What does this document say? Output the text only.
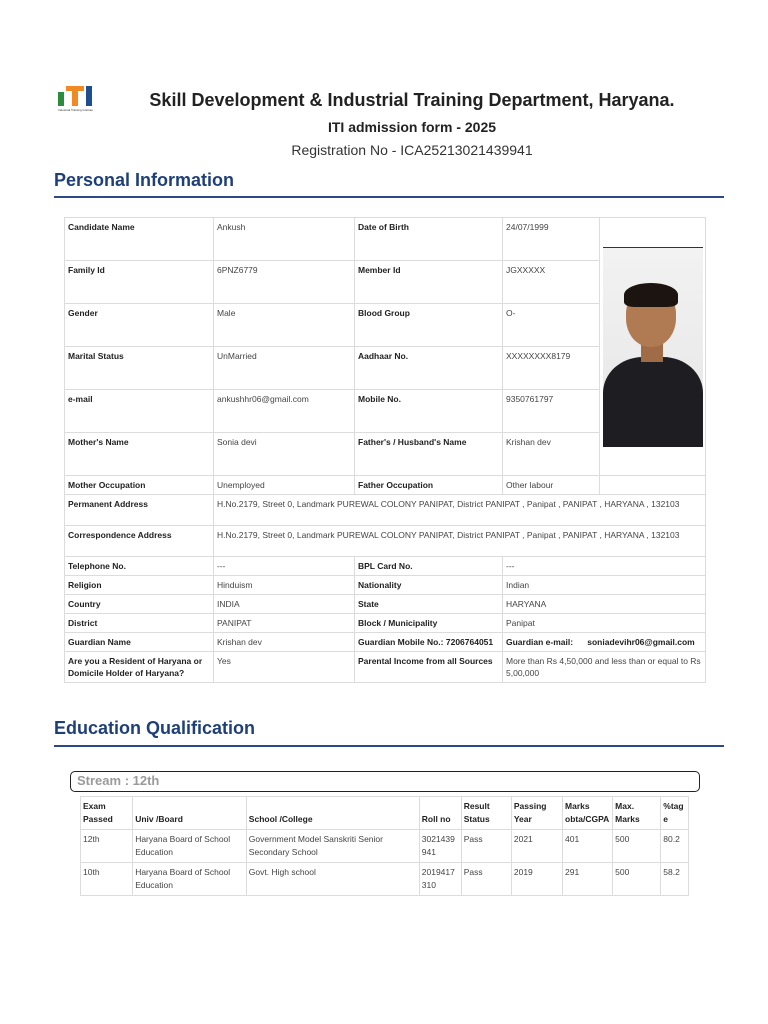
Industrial Training Institute	Skill Development & Industrial Training Department, Haryana.
ITI admission form - 2025
Registration No - ICA25213021439941
Personal Information
Candidate Name	Ankush	Date of Birth	24/07/1999	

Family Id	6PNZ6779	Member Id	JGXXXXX	
Gender	Male	Blood Group	O-	
Marital Status	UnMarried	Aadhaar No.	XXXXXXXX8179	
e-mail	ankushhr06@gmail.com	Mobile No.	9350761797	
Mother's Name	Sonia devi	Father's / Husband's Name	Krishan dev	
Mother Occupation	Unemployed	Father Occupation	Other labour	
Permanent Address	H.No.2179, Street 0, Landmark PUREWAL COLONY PANIPAT, District PANIPAT , Panipat , PANIPAT , HARYANA , 132103			
Correspondence Address	H.No.2179, Street 0, Landmark PUREWAL COLONY PANIPAT, District PANIPAT , Panipat , PANIPAT , HARYANA , 132103			
Telephone No.	---	BPL Card No.	---	
Religion	Hinduism	Nationality	Indian	
Country	INDIA	State	HARYANA	
District	PANIPAT	Block / Municipality	Panipat	
Guardian Name	Krishan dev	Guardian Mobile No.: 7206764051	Guardian e-mail: soniadevihr06@gmail.com	
Are you a Resident of Haryana or Domicile Holder of Haryana?	Yes	Parental Income from all Sources	More than Rs 4,50,000 and less than or equal to Rs 5,00,000	
Education Qualification
Stream : 12th
Exam Passed	Univ /Board	School /College	Roll no	Result Status	Passing Year	Marks obta/CGPA	Max. Marks	%tag e
12th	Haryana Board of School Education	Government Model Sanskriti Senior Secondary School	3021439941	Pass	2021	401	500	80.2
10th	Haryana Board of School Education	Govt. High school	2019417310	Pass	2019	291	500	58.2
